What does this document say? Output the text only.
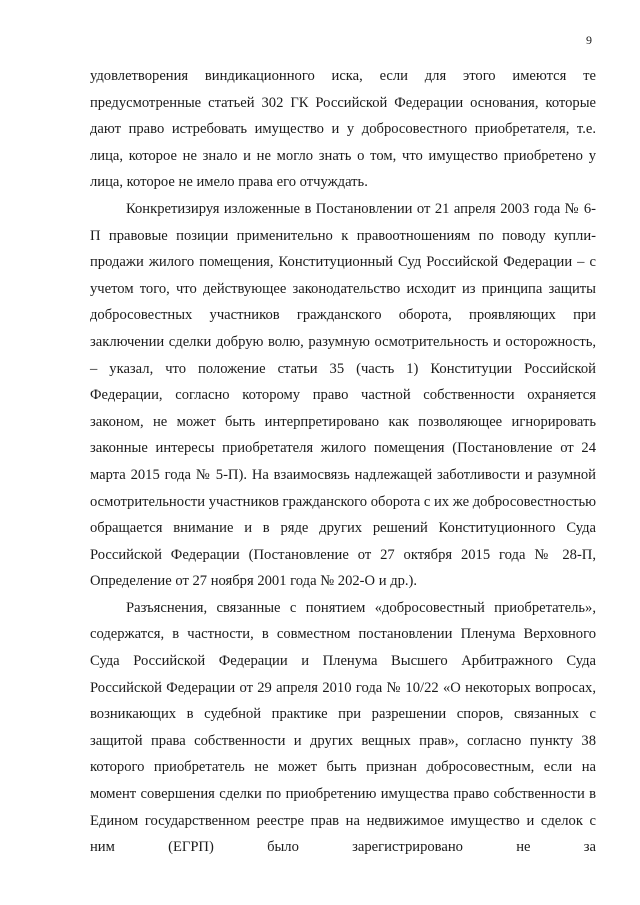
9

удовлетворения виндикационного иска, если для этого имеются те предусмотренные статьей 302 ГК Российской Федерации основания, которые дают право истребовать имущество и у добросовестного приобретателя, т.е. лица, которое не знало и не могло знать о том, что имущество приобретено у лица, которое не имело права его отчуждать.

Конкретизируя изложенные в Постановлении от 21 апреля 2003 года № 6-П правовые позиции применительно к правоотношениям по поводу купли-продажи жилого помещения, Конституционный Суд Российской Федерации – с учетом того, что действующее законодательство исходит из принципа защиты добросовестных участников гражданского оборота, проявляющих при заключении сделки добрую волю, разумную осмотрительность и осторожность, – указал, что положение статьи 35 (часть 1) Конституции Российской Федерации, согласно которому право частной собственности охраняется законом, не может быть интерпретировано как позволяющее игнорировать законные интересы приобретателя жилого помещения (Постановление от 24 марта 2015 года № 5-П). На взаимосвязь надлежащей заботливости и разумной осмотрительности участников гражданского оборота с их же добросовестностью обращается внимание и в ряде других решений Конституционного Суда Российской Федерации (Постановление от 27 октября 2015 года № 28-П, Определение от 27 ноября 2001 года № 202-О и др.).

Разъяснения, связанные с понятием «добросовестный приобретатель», содержатся, в частности, в совместном постановлении Пленума Верховного Суда Российской Федерации и Пленума Высшего Арбитражного Суда Российской Федерации от 29 апреля 2010 года № 10/22 «О некоторых вопросах, возникающих в судебной практике при разрешении споров, связанных с защитой права собственности и других вещных прав», согласно пункту 38 которого приобретатель не может быть признан добросовестным, если на момент совершения сделки по приобретению имущества право собственности в Едином государственном реестре прав на недвижимое имущество и сделок с ним (ЕГРП) было зарегистрировано не за
